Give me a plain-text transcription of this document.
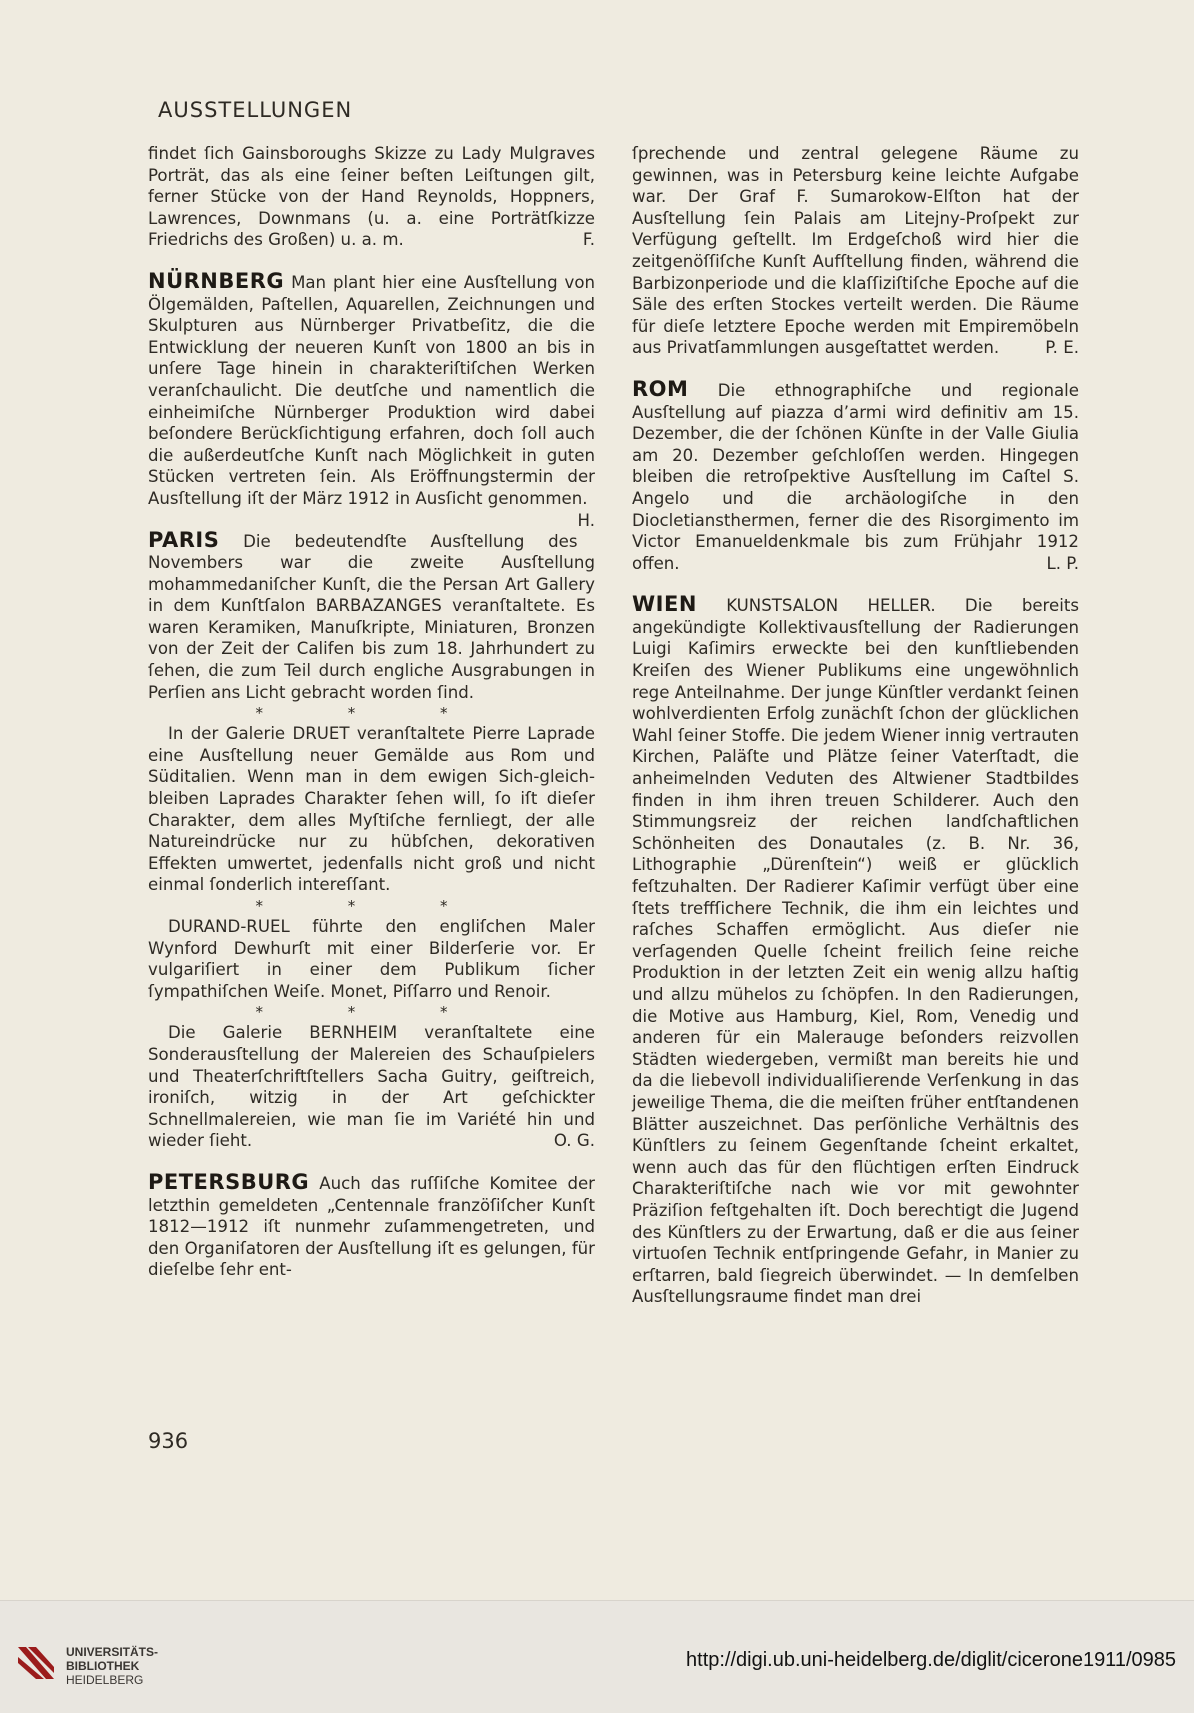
AUSSTELLUNGEN

findet ſich Gainsboroughs Skizze zu Lady Mulgraves Porträt, das als eine ſeiner beſten Leiſtungen gilt, ferner Stücke von der Hand Reynolds, Hoppners, Lawrences, Downmans (u. a. eine Porträtſkizze Friedrichs des Großen) u. a. m.	F.

NÜRNBERG Man plant hier eine Ausſtellung von Ölgemälden, Paſtellen, Aquarellen, Zeichnungen und Skulpturen aus Nürnberger Privatbeſitz, die die Entwicklung der neueren Kunſt von 1800 an bis in unſere Tage hinein in charakteriſtiſchen Werken veranſchaulicht. Die deutſche und namentlich die einheimiſche Nürnberger Produktion wird dabei beſondere Berückſichtigung erfahren, doch ſoll auch die außerdeutſche Kunſt nach Möglichkeit in guten Stücken vertreten ſein. Als Eröffnungstermin der Ausſtellung iſt der März 1912 in Ausſicht genommen.
H.

PARIS Die bedeutendſte Ausſtellung des Novembers war die zweite Ausſtellung mohammedaniſcher Kunſt, die the Persan Art Gallery in dem Kunſtſalon BARBAZANGES veranſtaltete. Es waren Keramiken, Manuſkripte, Miniaturen, Bronzen von der Zeit der Califen bis zum 18. Jahrhundert zu ſehen, die zum Teil durch engliche Ausgrabungen in Perſien ans Licht gebracht worden ſind.

* * *

In der Galerie DRUET veranſtaltete Pierre Laprade eine Ausſtellung neuer Gemälde aus Rom und Süditalien. Wenn man in dem ewigen Sich-gleich-bleiben Laprades Charakter ſehen will, ſo iſt dieſer Charakter, dem alles Myſtiſche fernliegt, der alle Natureindrücke nur zu hübſchen, dekorativen Effekten umwertet, jedenfalls nicht groß und nicht einmal ſonderlich intereſſant.

* * *

DURAND-RUEL führte den engliſchen Maler Wynford Dewhurſt mit einer Bilderſerie vor. Er vulgariſiert in einer dem Publikum ſicher ſympathiſchen Weiſe. Monet, Piſſarro und Renoir.

* * *

Die Galerie BERNHEIM veranſtaltete eine Sonderausſtellung der Malereien des Schauſpielers und Theaterſchriftſtellers Sacha Guitry, geiſtreich, ironiſch, witzig in der Art geſchickter Schnellmalereien, wie man ſie im Variété hin und wieder ſieht.	O. G.

PETERSBURG Auch das ruſſiſche Komitee der letzthin gemeldeten „Centennale franzöſiſcher Kunſt 1812—1912 iſt nunmehr zuſammengetreten, und den Organiſatoren der Ausſtellung iſt es gelungen, für dieſelbe ſehr ent-

ſprechende und zentral gelegene Räume zu gewinnen, was in Petersburg keine leichte Aufgabe war. Der Graf F. Sumarokow-Elſton hat der Ausſtellung ſein Palais am Litejny-Proſpekt zur Verfügung geſtellt. Im Erdgeſchoß wird hier die zeitgenöſſiſche Kunſt Aufſtellung finden, während die Barbizonperiode und die klaſſiziſtiſche Epoche auf die Säle des erſten Stockes verteilt werden. Die Räume für dieſe letztere Epoche werden mit Empiremöbeln aus Privatſammlungen ausgeſtattet werden.	P. E.

ROM Die ethnographiſche und regionale Ausſtellung auf piazza d’armi wird definitiv am 15. Dezember, die der ſchönen Künſte in der Valle Giulia am 20. Dezember geſchloſſen werden. Hingegen bleiben die retroſpektive Ausſtellung im Caſtel S. Angelo und die archäologiſche in den Diocletiansthermen, ferner die des Risorgimento im Victor Emanueldenkmale bis zum Frühjahr 1912 offen.	L. P.

WIEN KUNSTSALON HELLER. Die bereits angekündigte Kollektivausſtellung der Radierungen Luigi Kaſimirs erweckte bei den kunſtliebenden Kreiſen des Wiener Publikums eine ungewöhnlich rege Anteilnahme. Der junge Künſtler verdankt ſeinen wohlverdienten Erfolg zunächſt ſchon der glücklichen Wahl ſeiner Stoffe. Die jedem Wiener innig vertrauten Kirchen, Paläſte und Plätze ſeiner Vaterſtadt, die anheimelnden Veduten des Altwiener Stadtbildes finden in ihm ihren treuen Schilderer. Auch den Stimmungsreiz der reichen landſchaftlichen Schönheiten des Donautales (z. B. Nr. 36, Lithographie „Dürenſtein“) weiß er glücklich feſtzuhalten. Der Radierer Kaſimir verfügt über eine ſtets treffſichere Technik, die ihm ein leichtes und raſches Schaffen ermöglicht. Aus dieſer nie verſagenden Quelle ſcheint freilich ſeine reiche Produktion in der letzten Zeit ein wenig allzu haſtig und allzu mühelos zu ſchöpfen. In den Radierungen, die Motive aus Hamburg, Kiel, Rom, Venedig und anderen für ein Malerauge beſonders reizvollen Städten wiedergeben, vermißt man bereits hie und da die liebevoll individualiſierende Verſenkung in das jeweilige Thema, die die meiſten früher entſtandenen Blätter auszeichnet. Das perſönliche Verhältnis des Künſtlers zu ſeinem Gegenſtande ſcheint erkaltet, wenn auch das für den flüchtigen erſten Eindruck Charakteriſtiſche nach wie vor mit gewohnter Präziſion feſtgehalten iſt. Doch berechtigt die Jugend des Künſtlers zu der Erwartung, daß er die aus ſeiner virtuoſen Technik entſpringende Gefahr, in Manier zu erſtarren, bald ſiegreich überwindet. — In demſelben Ausſtellungsraume findet man drei

936
UNIVERSITÄTS-
BIBLIOTHEK
HEIDELBERG
http://digi.ub.uni-heidelberg.de/diglit/cicerone1911/0985
